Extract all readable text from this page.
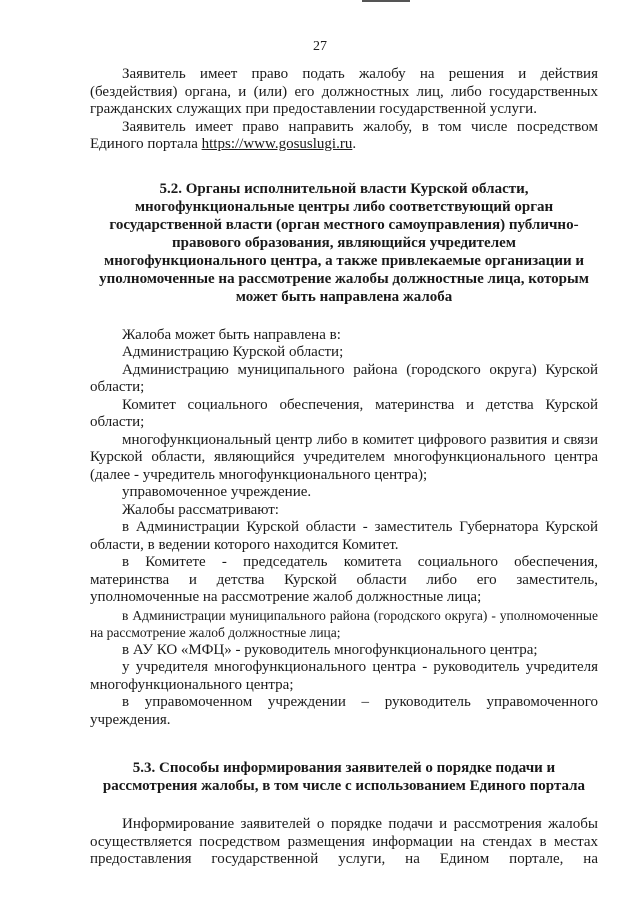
27

Заявитель имеет право подать жалобу на решения и действия (бездействия) органа, и (или) его должностных лиц, либо государственных гражданских служащих при предоставлении государственной услуги.

Заявитель имеет право направить жалобу, в том числе посредством Единого портала https://www.gosuslugi.ru.

5.2. Органы исполнительной власти Курской области, многофункциональные центры либо соответствующий орган государственной власти (орган местного самоуправления) публично-правового образования, являющийся учредителем многофункционального центра, а также привлекаемые организации и уполномоченные на рассмотрение жалобы должностные лица, которым может быть направлена жалоба

Жалоба может быть направлена в:

Администрацию Курской области;

Администрацию муниципального района (городского округа) Курской области;

Комитет социального обеспечения, материнства и детства Курской области;

многофункциональный центр либо в комитет цифрового развития и связи Курской области, являющийся учредителем многофункционального центра (далее - учредитель многофункционального центра);

управомоченное учреждение.

Жалобы рассматривают:

в Администрации Курской области - заместитель Губернатора Курской области, в ведении которого находится Комитет.

в Комитете - председатель комитета социального обеспечения, материнства и детства Курской области либо его заместитель, уполномоченные на рассмотрение жалоб должностные лица;

в Администрации муниципального района (городского округа) - уполномоченные на рассмотрение жалоб должностные лица;

в АУ КО «МФЦ» - руководитель многофункционального центра;

у учредителя многофункционального центра - руководитель учредителя многофункционального центра;

в управомоченном учреждении – руководитель управомоченного учреждения.

5.3. Способы информирования заявителей о порядке подачи и рассмотрения жалобы, в том числе с использованием Единого портала

Информирование заявителей о порядке подачи и рассмотрения жалобы осуществляется посредством размещения информации на стендах в местах предоставления государственной услуги, на Едином портале, на
